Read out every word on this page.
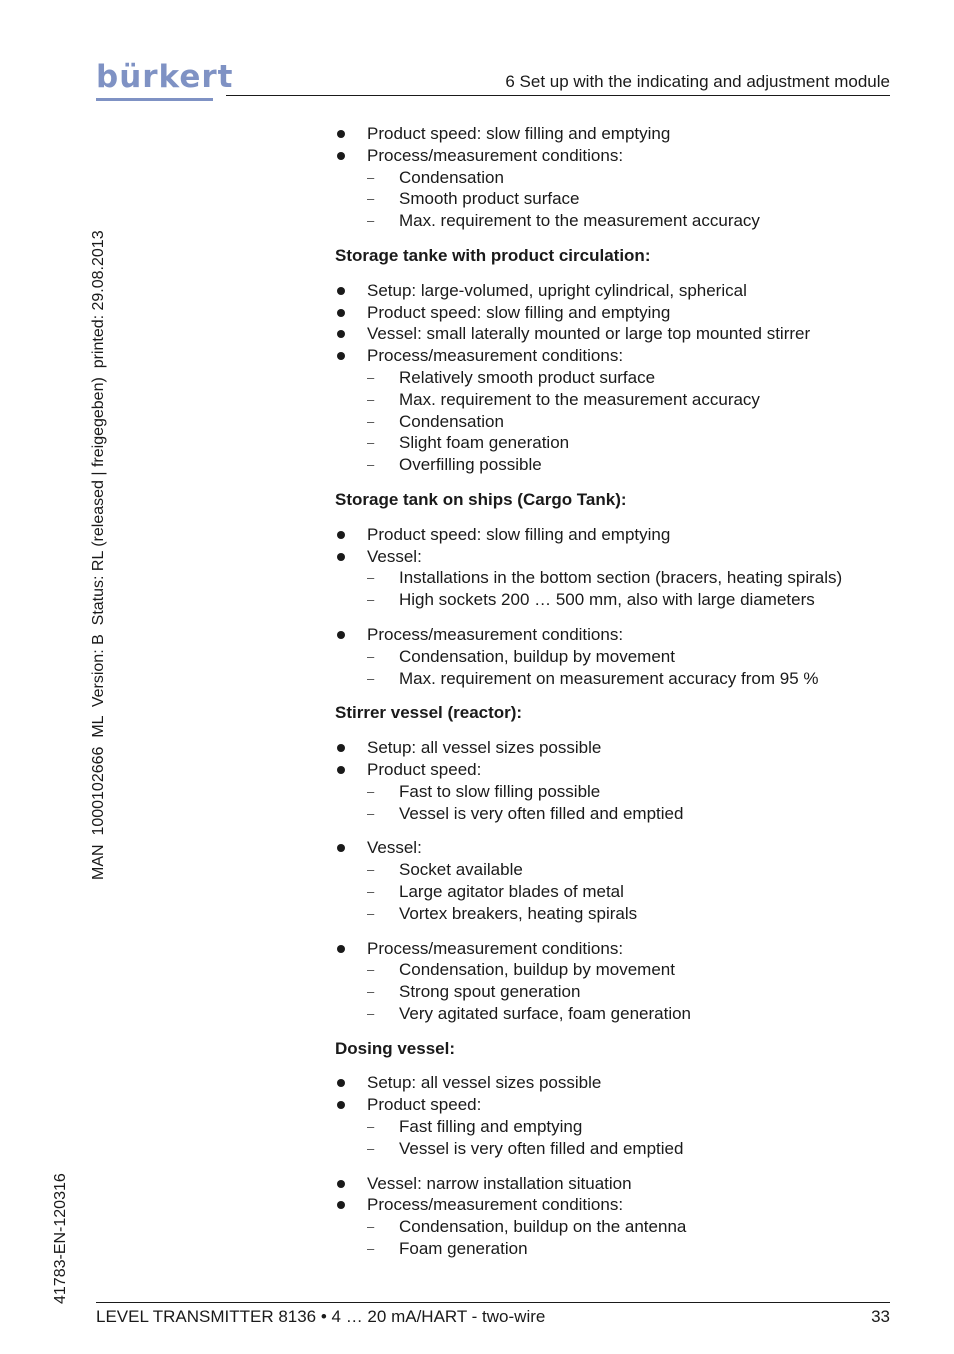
bürkert	6 Set up with the indicating and adjustment module
MAN  1000102666  ML  Version: B  Status: RL (released | freigegeben)  printed: 29.08.2013
41783-EN-120316
Product speed: slow filling and emptying
Process/measurement conditions:
– Condensation
– Smooth product surface
– Max. requirement to the measurement accuracy
Storage tanke with product circulation:
Setup: large-volumed, upright cylindrical, spherical
Product speed: slow filling and emptying
Vessel: small laterally mounted or large top mounted stirrer
Process/measurement conditions:
– Relatively smooth product surface
– Max. requirement to the measurement accuracy
– Condensation
– Slight foam generation
– Overfilling possible
Storage tank on ships (Cargo Tank):
Product speed: slow filling and emptying
Vessel:
– Installations in the bottom section (bracers, heating spirals)
– High sockets 200 … 500 mm, also with large diameters
Process/measurement conditions:
– Condensation, buildup by movement
– Max. requirement on measurement accuracy from 95 %
Stirrer vessel (reactor):
Setup: all vessel sizes possible
Product speed:
– Fast to slow filling possible
– Vessel is very often filled and emptied
Vessel:
– Socket available
– Large agitator blades of metal
– Vortex breakers, heating spirals
Process/measurement conditions:
– Condensation, buildup by movement
– Strong spout generation
– Very agitated surface, foam generation
Dosing vessel:
Setup: all vessel sizes possible
Product speed:
– Fast filling and emptying
– Vessel is very often filled and emptied
Vessel: narrow installation situation
Process/measurement conditions:
– Condensation, buildup on the antenna
– Foam generation
LEVEL TRANSMITTER 8136 • 4 … 20 mA/HART - two-wire	33
